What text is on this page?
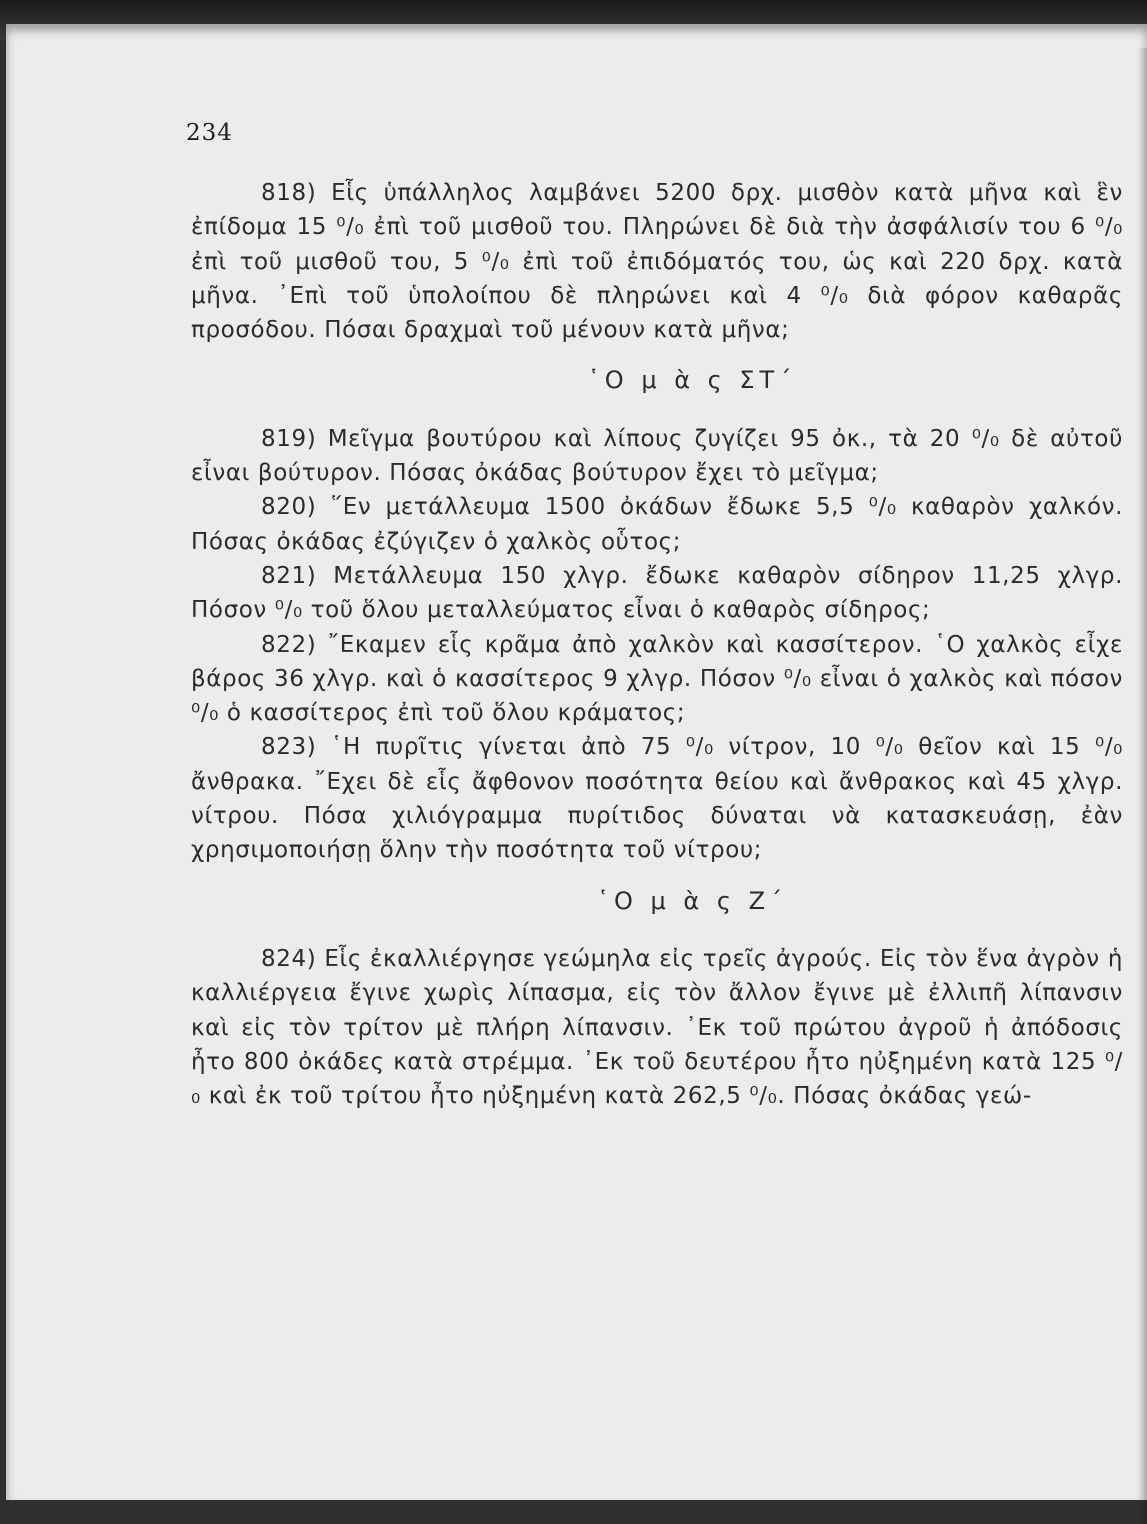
234

818) Εἷς ὑπάλληλος λαμβάνει 5200 δρχ. μισθὸν κατὰ μῆνα καὶ ἓν ἐπίδομα 15 ⁰/₀ ἐπὶ τοῦ μισθοῦ του. Πληρώνει δὲ διὰ τὴν ἀσφάλισίν του 6 ⁰/₀ ἐπὶ τοῦ μισθοῦ του, 5 ⁰/₀ ἐπὶ τοῦ ἐπιδόματός του, ὡς καὶ 220 δρχ. κατὰ μῆνα. ᾿Επὶ τοῦ ὑπολοίπου δὲ πληρώνει καὶ 4 ⁰/₀ διὰ φόρον καθαρᾶς προσόδου. Πόσαι δραχμαὶ τοῦ μένουν κατὰ μῆνα;

῾Ο μ ὰ ς ΣΤ΄

819) Μεῖγμα βουτύρου καὶ λίπους ζυγίζει 95 ὀκ., τὰ 20 ⁰/₀ δὲ αὐτοῦ εἶναι βούτυρον. Πόσας ὀκάδας βούτυρον ἔχει τὸ μεῖγμα;

820) ῞Εν μετάλλευμα 1500 ὀκάδων ἔδωκε 5,5 ⁰/₀ καθαρὸν χαλκόν. Πόσας ὀκάδας ἐζύγιζεν ὁ χαλκὸς οὗτος;

821) Μετάλλευμα 150 χλγρ. ἔδωκε καθαρὸν σίδηρον 11,25 χλγρ. Πόσον ⁰/₀ τοῦ ὅλου μεταλλεύματος εἶναι ὁ καθαρὸς σίδηρος;

822) ῎Εκαμεν εἷς κρᾶμα ἀπὸ χαλκὸν καὶ κασσίτερον. ῾Ο χαλκὸς εἶχε βάρος 36 χλγρ. καὶ ὁ κασσίτερος 9 χλγρ. Πόσον ⁰/₀ εἶναι ὁ χαλκὸς καὶ πόσον ⁰/₀ ὁ κασσίτερος ἐπὶ τοῦ ὅλου κράματος;

823) ῾Η πυρῖτις γίνεται ἀπὸ 75 ⁰/₀ νίτρον, 10 ⁰/₀ θεῖον καὶ 15 ⁰/₀ ἄνθρακα. ῎Εχει δὲ εἷς ἄφθονον ποσότητα θείου καὶ ἄνθρακος καὶ 45 χλγρ. νίτρου. Πόσα χιλιόγραμμα πυρίτιδος δύναται νὰ κατασκευάσῃ, ἐὰν χρησιμοποιήσῃ ὅλην τὴν ποσότητα τοῦ νίτρου;

῾Ο μ ὰ ς Ζ΄

824) Εἷς ἐκαλλιέργησε γεώμηλα εἰς τρεῖς ἀγρούς. Εἰς τὸν ἕνα ἀγρὸν ἡ καλλιέργεια ἔγινε χωρὶς λίπασμα, εἰς τὸν ἄλλον ἔγινε μὲ ἐλλιπῆ λίπανσιν καὶ εἰς τὸν τρίτον μὲ πλήρη λίπανσιν. ᾿Εκ τοῦ πρώτου ἀγροῦ ἡ ἀπόδοσις ἦτο 800 ὀκάδες κατὰ στρέμμα. ᾿Εκ τοῦ δευτέρου ἦτο ηὐξημένη κατὰ 125 ⁰/₀ καὶ ἐκ τοῦ τρίτου ἦτο ηὐξημένη κατὰ 262,5 ⁰/₀. Πόσας ὀκάδας γεώ-
